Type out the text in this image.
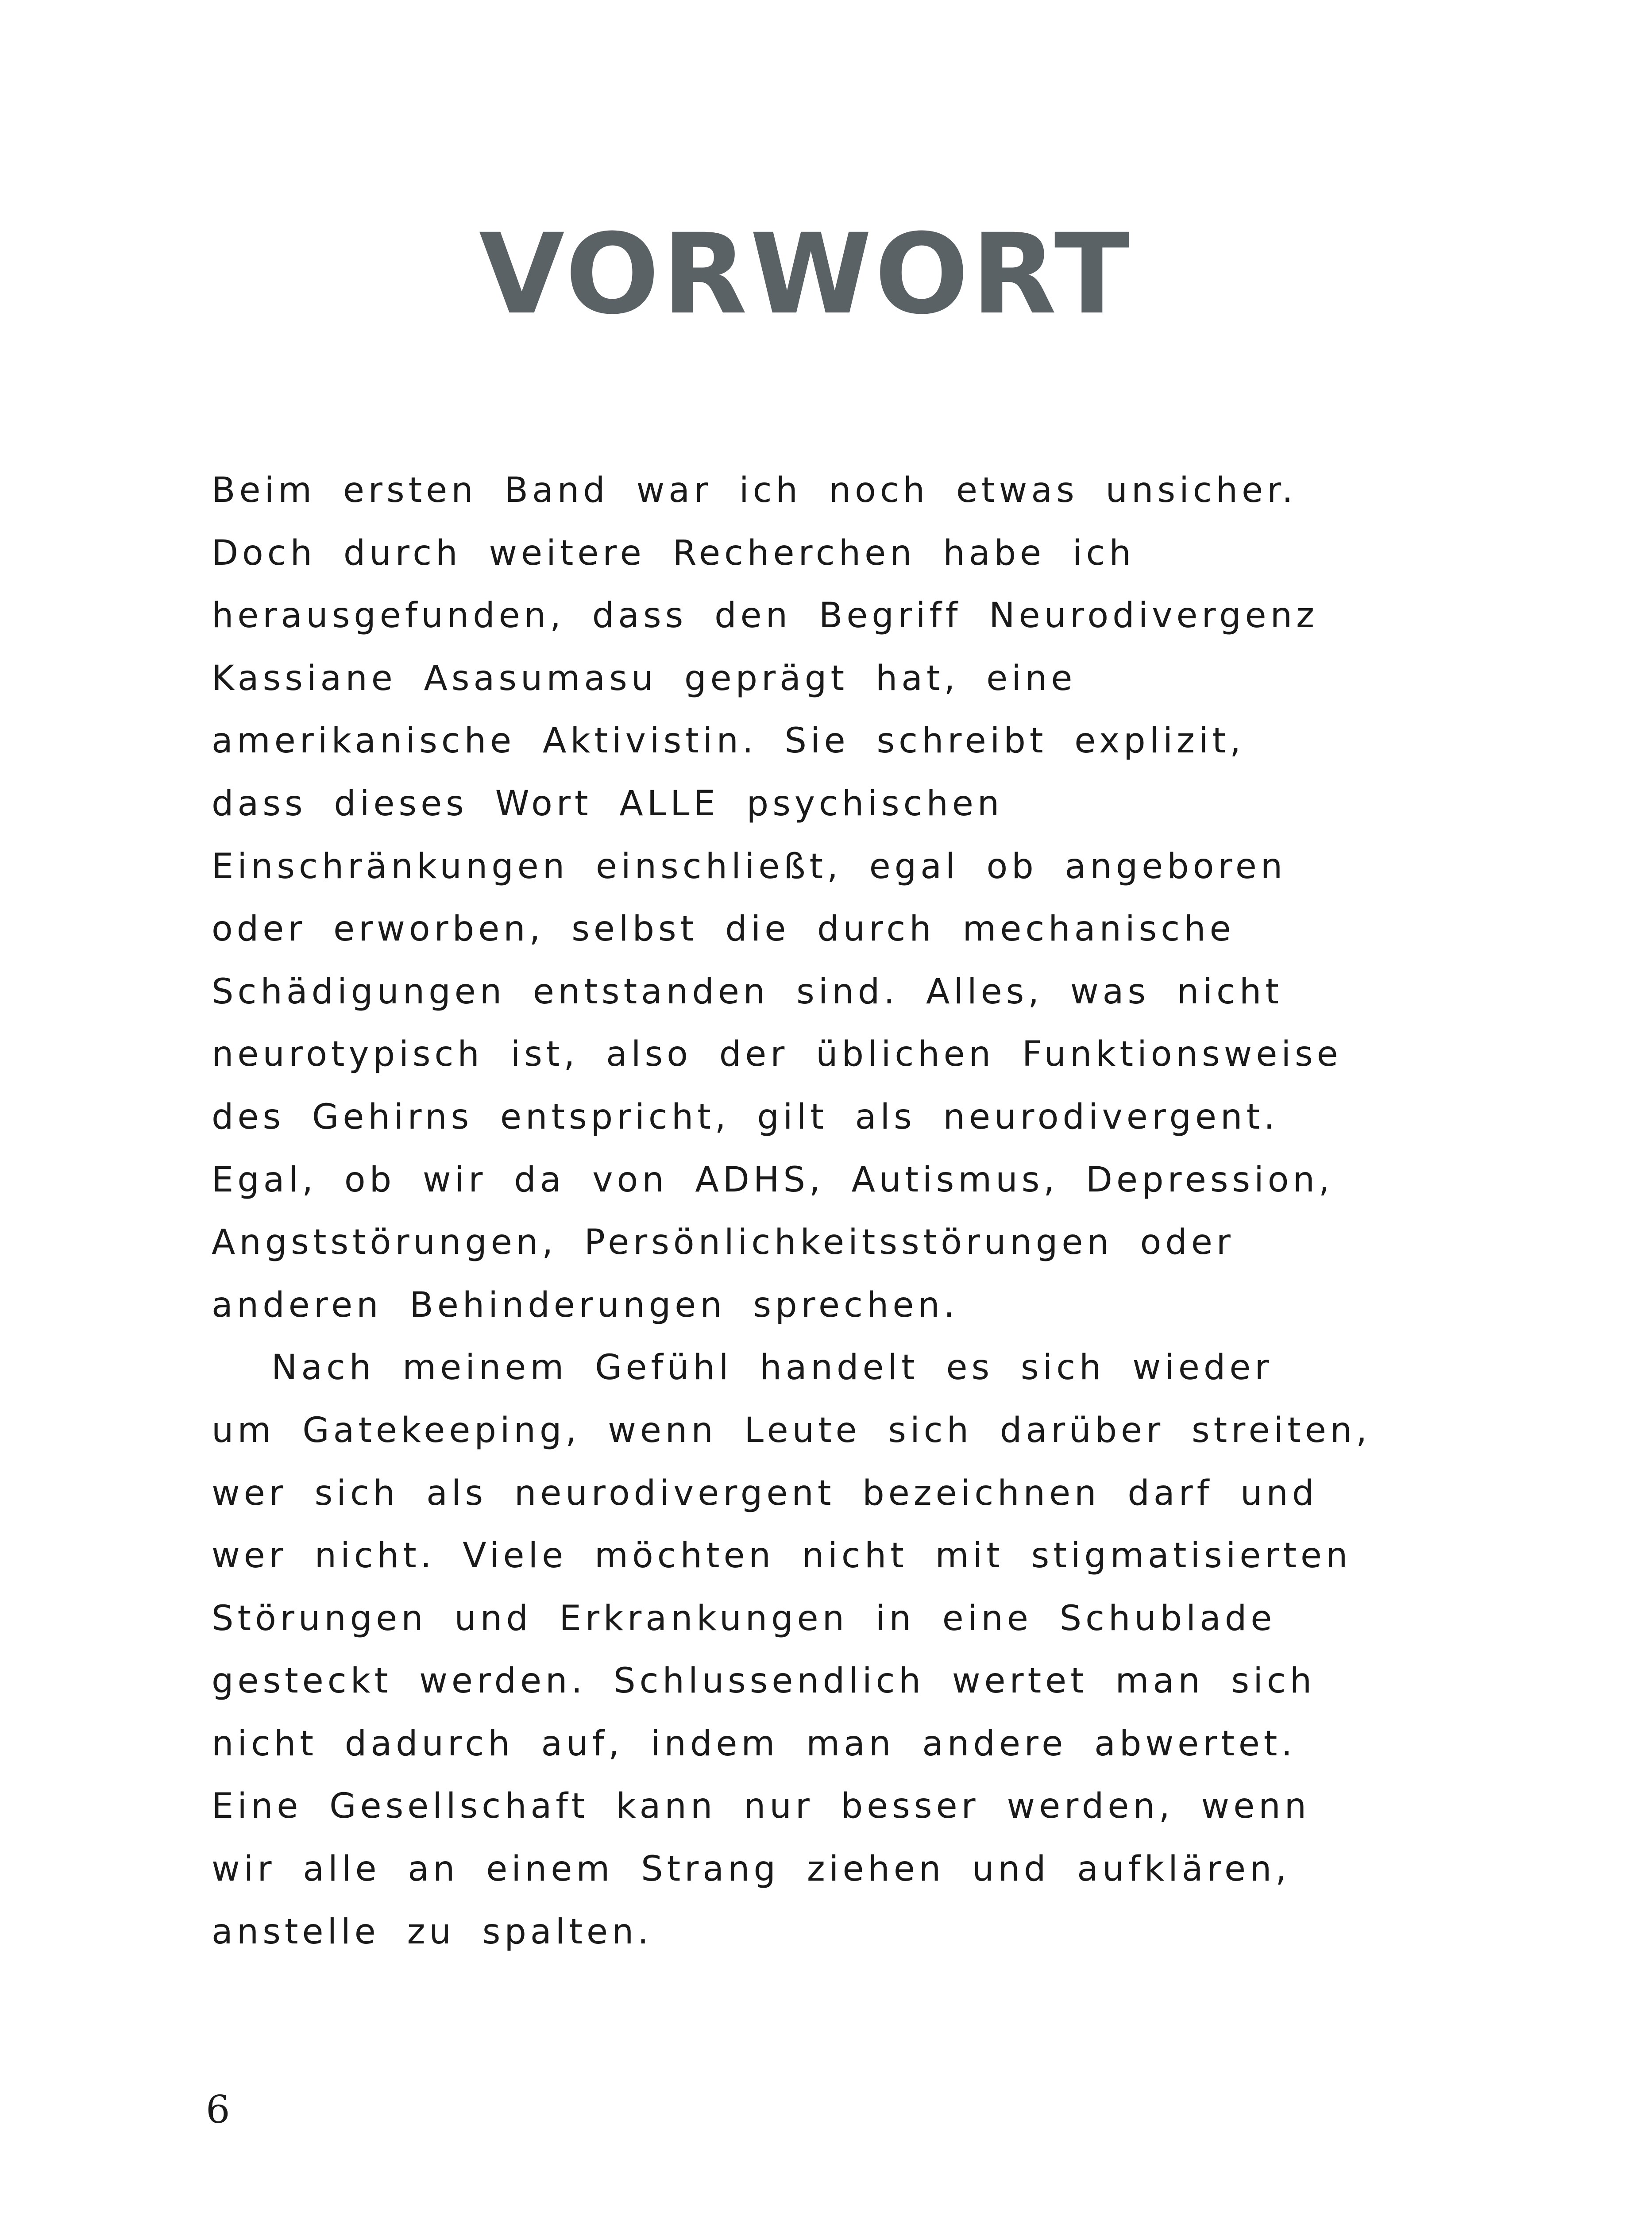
VORWORT
Beim ersten Band war ich noch etwas unsicher.
Doch durch weitere Recherchen habe ich
herausgefunden, dass den Begriff Neurodivergenz
Kassiane Asasumasu geprägt hat, eine
amerikanische Aktivistin. Sie schreibt explizit,
dass dieses Wort ALLE psychischen
Einschränkungen einschließt, egal ob angeboren
oder erworben, selbst die durch mechanische
Schädigungen entstanden sind. Alles, was nicht
neurotypisch ist, also der üblichen Funktionsweise
des Gehirns entspricht, gilt als neurodivergent.
Egal, ob wir da von ADHS, Autismus, Depression,
Angststörungen, Persönlichkeitsstörungen oder
anderen Behinderungen sprechen.
Nach meinem Gefühl handelt es sich wieder
um Gatekeeping, wenn Leute sich darüber streiten,
wer sich als neurodivergent bezeichnen darf und
wer nicht. Viele möchten nicht mit stigmatisierten
Störungen und Erkrankungen in eine Schublade
gesteckt werden. Schlussendlich wertet man sich
nicht dadurch auf, indem man andere abwertet.
Eine Gesellschaft kann nur besser werden, wenn
wir alle an einem Strang ziehen und aufklären,
anstelle zu spalten.
6
